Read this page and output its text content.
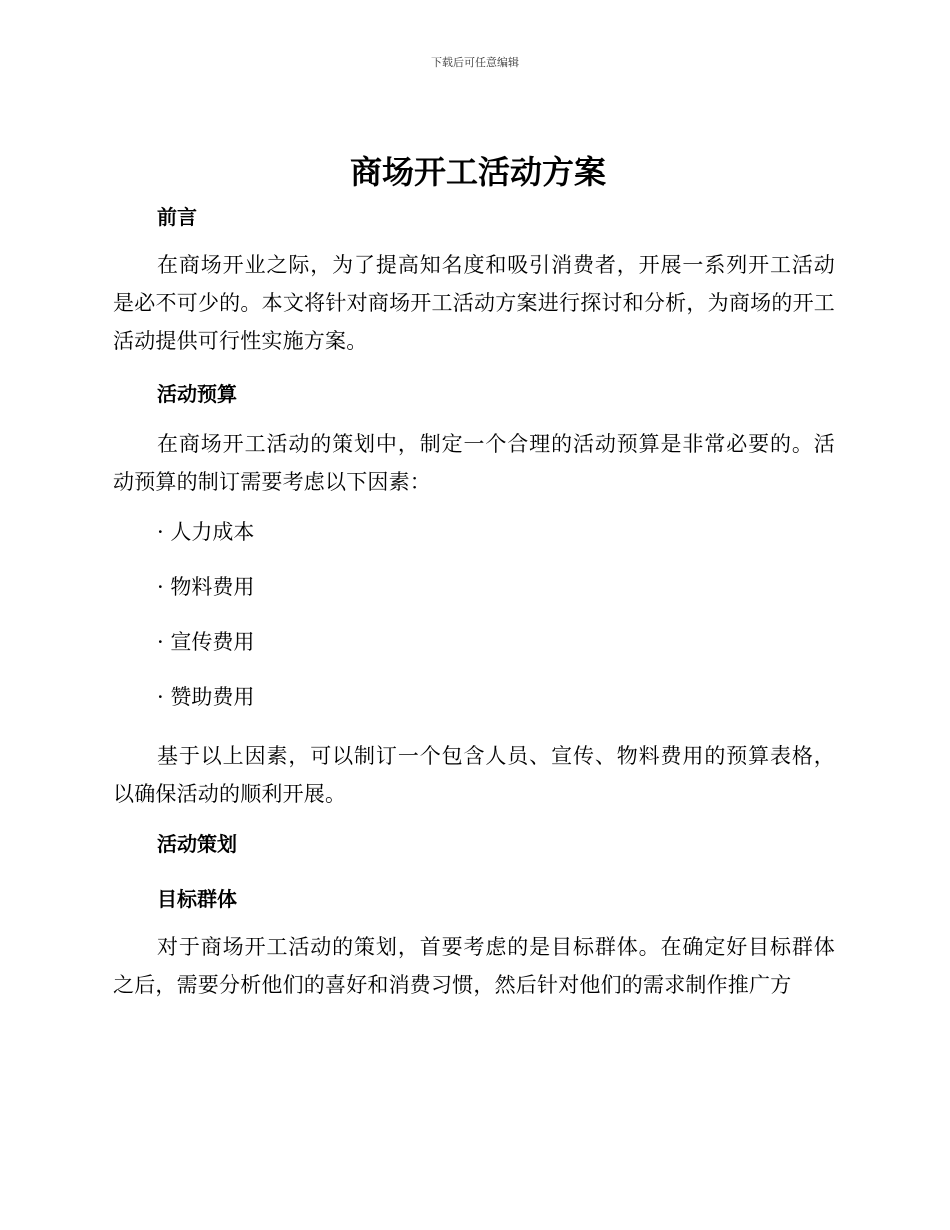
下载后可任意编辑
商场开工活动方案
前言

在商场开业之际，为了提高知名度和吸引消费者，开展一系列开工活动是必不可少的。本文将针对商场开工活动方案进行探讨和分析，为商场的开工活动提供可行性实施方案。

活动预算

在商场开工活动的策划中，制定一个合理的活动预算是非常必要的。活动预算的制订需要考虑以下因素：

· 人力成本
· 物料费用
· 宣传费用
· 赞助费用

基于以上因素，可以制订一个包含人员、宣传、物料费用的预算表格，以确保活动的顺利开展。

活动策划
目标群体

对于商场开工活动的策划，首要考虑的是目标群体。在确定好目标群体之后，需要分析他们的喜好和消费习惯，然后针对他们的需求制作推广方
